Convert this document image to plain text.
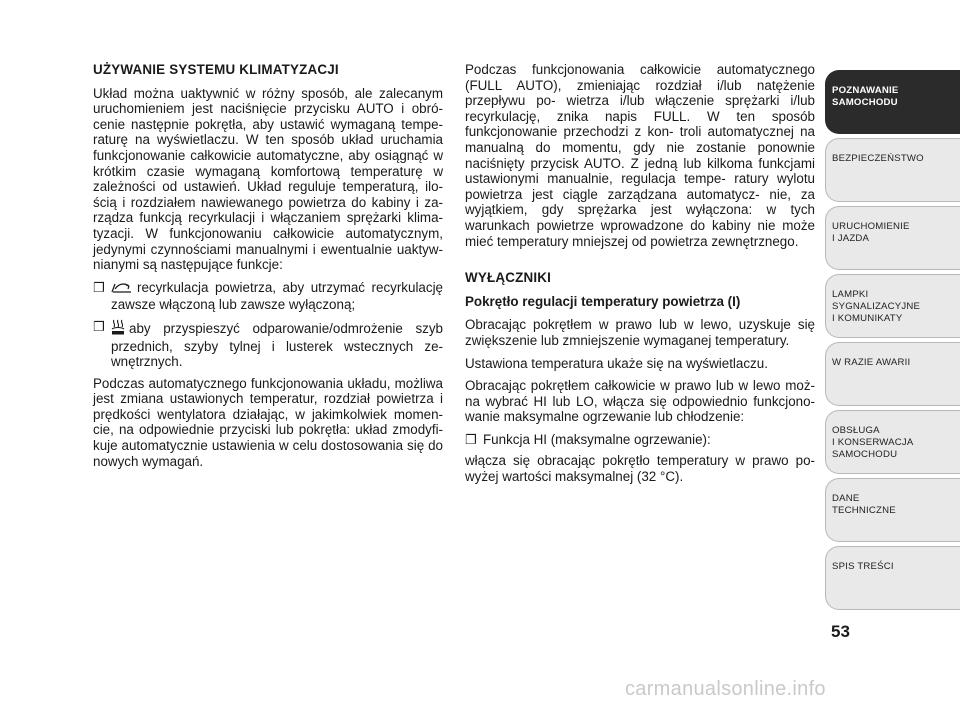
UŻYWANIE SYSTEMU KLIMATYZACJI

Układ można uaktywnić w różny sposób, ale zalecanym uruchomieniem jest naciśnięcie przycisku AUTO i obró- cenie następnie pokrętła, aby ustawić wymaganą tempe- raturę na wyświetlaczu. W ten sposób układ uruchamia funkcjonowanie całkowicie automatyczne, aby osiągnąć w krótkim czasie wymaganą komfortową temperaturę w zależności od ustawień. Układ reguluje temperaturą, ilo- ścią i rozdziałem nawiewanego powietrza do kabiny i za- rządza funkcją recyrkulacji i włączaniem sprężarki klima- tyzacji. W funkcjonowaniu całkowicie automatycznym, jedynymi czynnościami manualnymi i ewentualnie uaktyw- nianymi są następujące funkcje:

❒	recyrkulacja powietrza, aby utrzymać recyrkulację zawsze włączoną lub zawsze wyłączoną;
❒	aby przyspieszyć odparowanie/odmrożenie szyb przednich, szyby tylnej i lusterek wstecznych ze- wnętrznych.

Podczas automatycznego funkcjonowania układu, możliwa jest zmiana ustawionych temperatur, rozdział powietrza i prędkości wentylatora działając, w jakimkolwiek momen- cie, na odpowiednie przyciski lub pokrętła: układ zmodyfi- kuje automatycznie ustawienia w celu dostosowania się do nowych wymagań.

Podczas funkcjonowania całkowicie automatycznego (FULL AUTO), zmieniając rozdział i/lub natężenie przepływu po- wietrza i/lub włączenie sprężarki i/lub recyrkulację, znika napis FULL. W ten sposób funkcjonowanie przechodzi z kon- troli automatycznej na manualną do momentu, gdy nie zostanie ponownie naciśnięty przycisk AUTO. Z jedną lub kilkoma funkcjami ustawionymi manualnie, regulacja tempe- ratury wylotu powietrza jest ciągle zarządzana automatycz- nie, za wyjątkiem, gdy sprężarka jest wyłączona: w tych warunkach powietrze wprowadzone do kabiny nie może mieć temperatury mniejszej od powietrza zewnętrznego.

WYŁĄCZNIKI
Pokrętło regulacji temperatury powietrza (I)

Obracając pokrętłem w prawo lub w lewo, uzyskuje się zwiększenie lub zmniejszenie wymaganej temperatury.

Ustawiona temperatura ukaże się na wyświetlaczu.

Obracając pokrętłem całkowicie w prawo lub w lewo moż- na wybrać HI lub LO, włącza się odpowiednio funkcjono- wanie maksymalne ogrzewanie lub chłodzenie:

❒ Funkcja HI (maksymalne ogrzewanie):

włącza się obracając pokrętło temperatury w prawo po- wyżej wartości maksymalnej (32 °C).

POZNAWANIE
SAMOCHODU
BEZPIECZEŃSTWO
URUCHOMIENIE
I JAZDA
LAMPKI
SYGNALIZACYJNE
I KOMUNIKATY
W RAZIE AWARII
OBSŁUGA
I KONSERWACJA
SAMOCHODU
DANE
TECHNICZNE
SPIS TREŚCI
53
carmanualsonline.info
